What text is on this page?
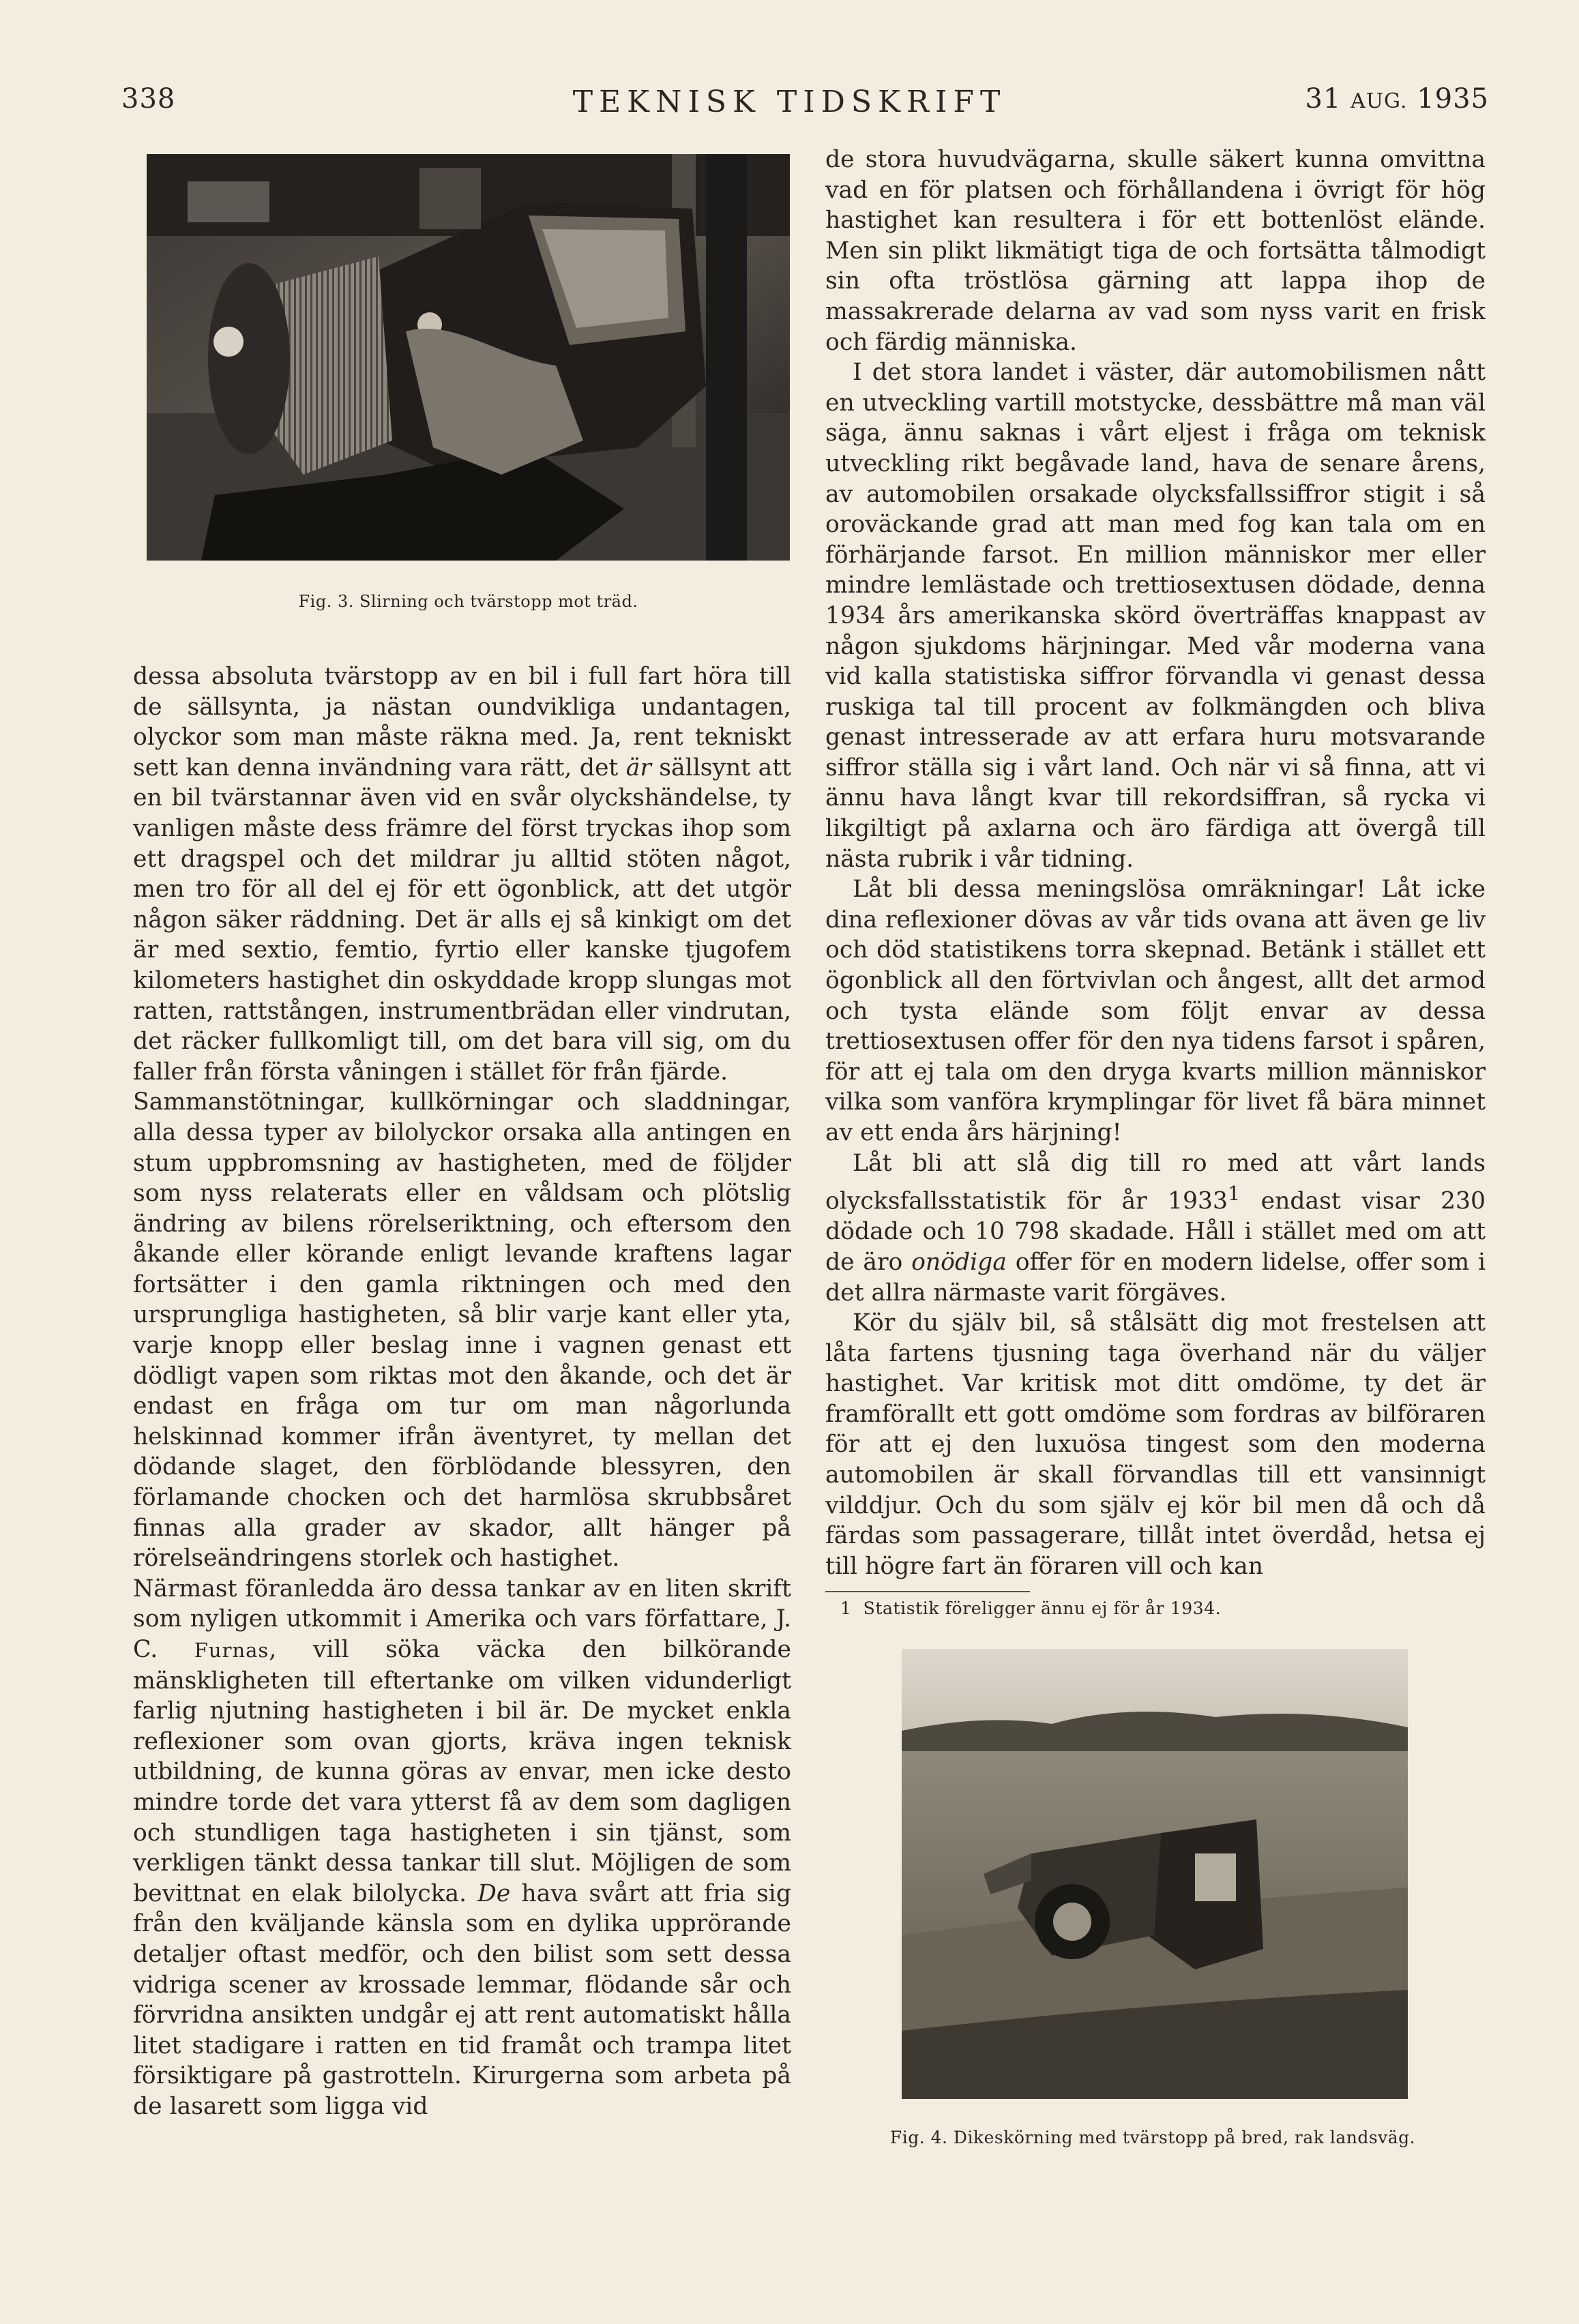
338	TEKNISK TIDSKRIFT	31 AUG. 1935
Fig. 3. Slirning och tvärstopp mot träd.

dessa absoluta tvärstopp av en bil i full fart höra till de sällsynta, ja nästan oundvikliga undantagen, olyckor som man måste räkna med. Ja, rent tekniskt sett kan denna invändning vara rätt, det är sällsynt att en bil tvärstannar även vid en svår olyckshändelse, ty vanligen måste dess främre del först tryckas ihop som ett dragspel och det mildrar ju alltid stöten något, men tro för all del ej för ett ögonblick, att det utgör någon säker räddning. Det är alls ej så kinkigt om det är med sextio, femtio, fyrtio eller kanske tjugofem kilometers hastighet din oskyddade kropp slungas mot ratten, rattstången, instrumentbrädan eller vindrutan, det räcker fullkomligt till, om det bara vill sig, om du faller från första våningen i stället för från fjärde.

Sammanstötningar, kullkörningar och sladdningar, alla dessa typer av bilolyckor orsaka alla antingen en stum uppbromsning av hastigheten, med de följder som nyss relaterats eller en våldsam och plötslig ändring av bilens rörelseriktning, och eftersom den åkande eller körande enligt levande kraftens lagar fortsätter i den gamla riktningen och med den ursprungliga hastigheten, så blir varje kant eller yta, varje knopp eller beslag inne i vagnen genast ett dödligt vapen som riktas mot den åkande, och det är endast en fråga om tur om man någorlunda helskinnad kommer ifrån äventyret, ty mellan det dödande slaget, den förblödande blessyren, den förlamande chocken och det harmlösa skrubbsåret finnas alla grader av skador, allt hänger på rörelseändringens storlek och hastighet.

Närmast föranledda äro dessa tankar av en liten skrift som nyligen utkommit i Amerika och vars författare, J. C. Furnas, vill söka väcka den bilkörande mänskligheten till eftertanke om vilken vidunderligt farlig njutning hastigheten i bil är. De mycket enkla reflexioner som ovan gjorts, kräva ingen teknisk utbildning, de kunna göras av envar, men icke desto mindre torde det vara ytterst få av dem som dagligen och stundligen taga hastigheten i sin tjänst, som verkligen tänkt dessa tankar till slut. Möjligen de som bevittnat en elak bilolycka. De hava svårt att fria sig från den kväljande känsla som en dylika upprörande detaljer oftast medför, och den bilist som sett dessa vidriga scener av krossade lemmar, flödande sår och förvridna ansikten undgår ej att rent automatiskt hålla litet stadigare i ratten en tid framåt och trampa litet försiktigare på gastrotteln. Kirurgerna som arbeta på de lasarett som ligga vid

de stora huvudvägarna, skulle säkert kunna omvittna vad en för platsen och förhållandena i övrigt för hög hastighet kan resultera i för ett bottenlöst elände. Men sin plikt likmätigt tiga de och fortsätta tålmodigt sin ofta tröstlösa gärning att lappa ihop de massakrerade delarna av vad som nyss varit en frisk och färdig människa.

I det stora landet i väster, där automobilismen nått en utveckling vartill motstycke, dessbättre må man väl säga, ännu saknas i vårt eljest i fråga om teknisk utveckling rikt begåvade land, hava de senare årens, av automobilen orsakade olycksfallssiffror stigit i så oroväckande grad att man med fog kan tala om en förhärjande farsot. En million människor mer eller mindre lemlästade och trettiosextusen dödade, denna 1934 års amerikanska skörd överträffas knappast av någon sjukdoms härjningar. Med vår moderna vana vid kalla statistiska siffror förvandla vi genast dessa ruskiga tal till procent av folkmängden och bliva genast intresserade av att erfara huru motsvarande siffror ställa sig i vårt land. Och när vi så finna, att vi ännu hava långt kvar till rekordsiffran, så rycka vi likgiltigt på axlarna och äro färdiga att övergå till nästa rubrik i vår tidning.

Låt bli dessa meningslösa omräkningar! Låt icke dina reflexioner dövas av vår tids ovana att även ge liv och död statistikens torra skepnad. Betänk i stället ett ögonblick all den förtvivlan och ångest, allt det armod och tysta elände som följt envar av dessa trettiosextusen offer för den nya tidens farsot i spåren, för att ej tala om den dryga kvarts million människor vilka som vanföra krymplingar för livet få bära minnet av ett enda års härjning!

Låt bli att slå dig till ro med att vårt lands olycksfallsstatistik för år 1933$^1$ endast visar 230 dödade och 10 798 skadade. Håll i stället med om att de äro onödiga offer för en modern lidelse, offer som i det allra närmaste varit förgäves.

Kör du själv bil, så stålsätt dig mot frestelsen att låta fartens tjusning taga överhand när du väljer hastighet. Var kritisk mot ditt omdöme, ty det är framförallt ett gott omdöme som fordras av bilföraren för att ej den luxuösa tingest som den moderna automobilen är skall förvandlas till ett vansinnigt vilddjur. Och du som själv ej kör bil men då och då färdas som passagerare, tillåt intet överdåd, hetsa ej till högre fart än föraren vill och kan

1 Statistik föreligger ännu ej för år 1934.
Fig. 4. Dikeskörning med tvärstopp på bred, rak landsväg.
